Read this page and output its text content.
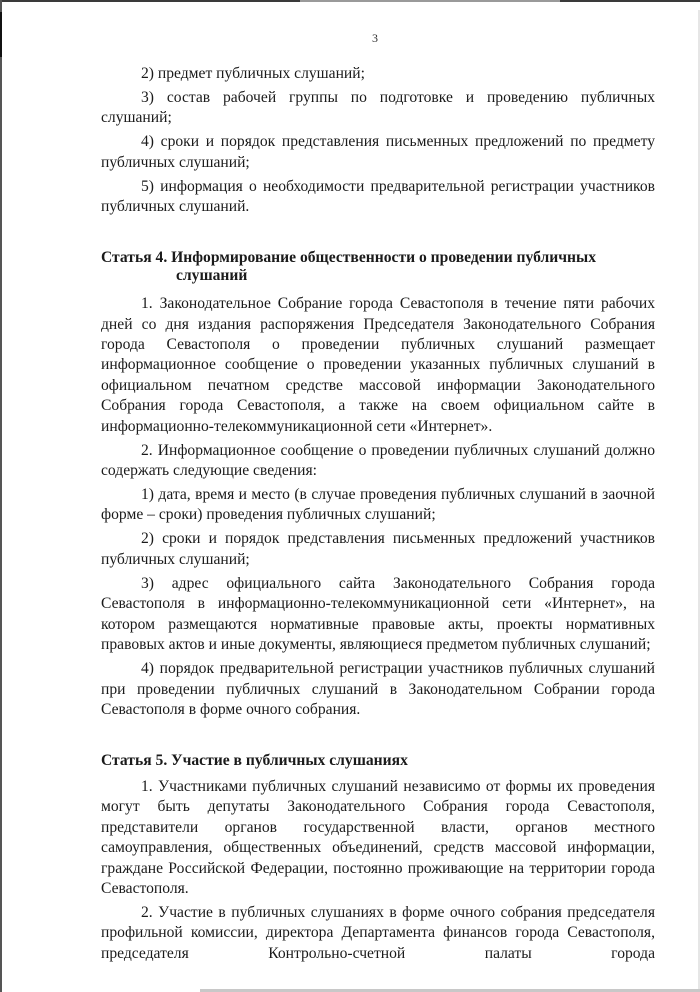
3

2) предмет публичных слушаний;

3) состав рабочей группы по подготовке и проведению публичных слушаний;

4) сроки и порядок представления письменных предложений по предмету публичных слушаний;

5) информация о необходимости предварительной регистрации участников публичных слушаний.

Статья 4. Информирование общественности о проведении публичных
слушаний

1. Законодательное Собрание города Севастополя в течение пяти рабочих дней со дня издания распоряжения Председателя Законодательного Собрания города Севастополя о проведении публичных слушаний размещает информационное сообщение о проведении указанных публичных слушаний в официальном печатном средстве массовой информации Законодательного Собрания города Севастополя, а также на своем официальном сайте в информационно-телекоммуникационной сети «Интернет».

2. Информационное сообщение о проведении публичных слушаний должно содержать следующие сведения:

1) дата, время и место (в случае проведения публичных слушаний в заочной форме – сроки) проведения публичных слушаний;

2) сроки и порядок представления письменных предложений участников публичных слушаний;

3) адрес официального сайта Законодательного Собрания города Севастополя в информационно-телекоммуникационной сети «Интернет», на котором размещаются нормативные правовые акты, проекты нормативных правовых актов и иные документы, являющиеся предметом публичных слушаний;

4) порядок предварительной регистрации участников публичных слушаний при проведении публичных слушаний в Законодательном Собрании города Севастополя в форме очного собрания.

Статья 5. Участие в публичных слушаниях

1. Участниками публичных слушаний независимо от формы их проведения могут быть депутаты Законодательного Собрания города Севастополя, представители органов государственной власти, органов местного самоуправления, общественных объединений, средств массовой информации, граждане Российской Федерации, постоянно проживающие на территории города Севастополя.

2. Участие в публичных слушаниях в форме очного собрания председателя профильной комиссии, директора Департамента финансов города Севастополя, председателя Контрольно-счетной палаты города
